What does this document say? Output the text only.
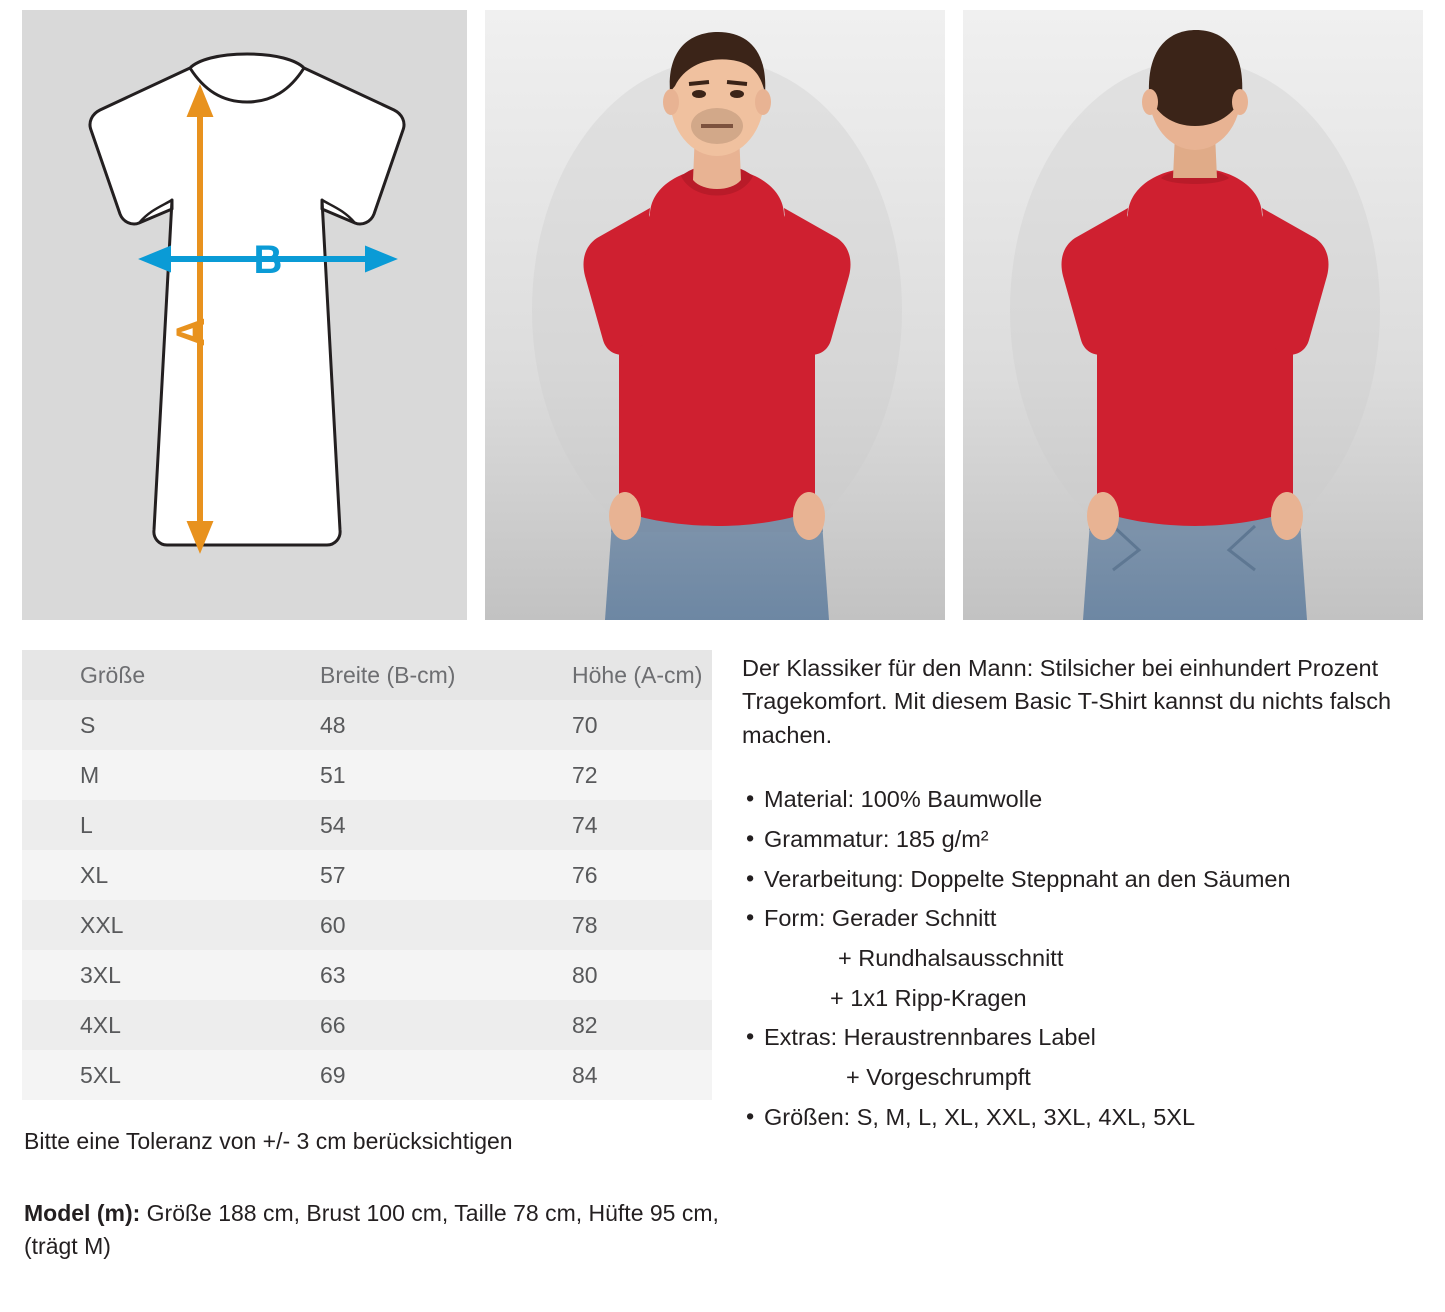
A
B
Größe	Breite (B-cm)	Höhe (A-cm)
S	48	70
M	51	72
L	54	74
XL	57	76
XXL	60	78
3XL	63	80
4XL	66	82
5XL	69	84
Bitte eine Toleranz von +/- 3 cm berücksichtigen
Model (m): Größe 188 cm, Brust 100 cm, Taille 78 cm, Hüfte 95 cm, (trägt M)
Der Klassiker für den Mann: Stilsicher bei einhundert Prozent Tragekomfort. Mit diesem Basic T-Shirt kannst du nichts falsch machen.
• Material: 100% Baumwolle
• Grammatur: 185 g/m²
• Verarbeitung: Doppelte Steppnaht an den Säumen
• Form: Gerader Schnitt
+ Rundhalsausschnitt
+ 1x1 Ripp-Kragen
• Extras: Heraustrennbares Label
+ Vorgeschrumpft
• Größen: S, M, L, XL, XXL, 3XL, 4XL, 5XL
